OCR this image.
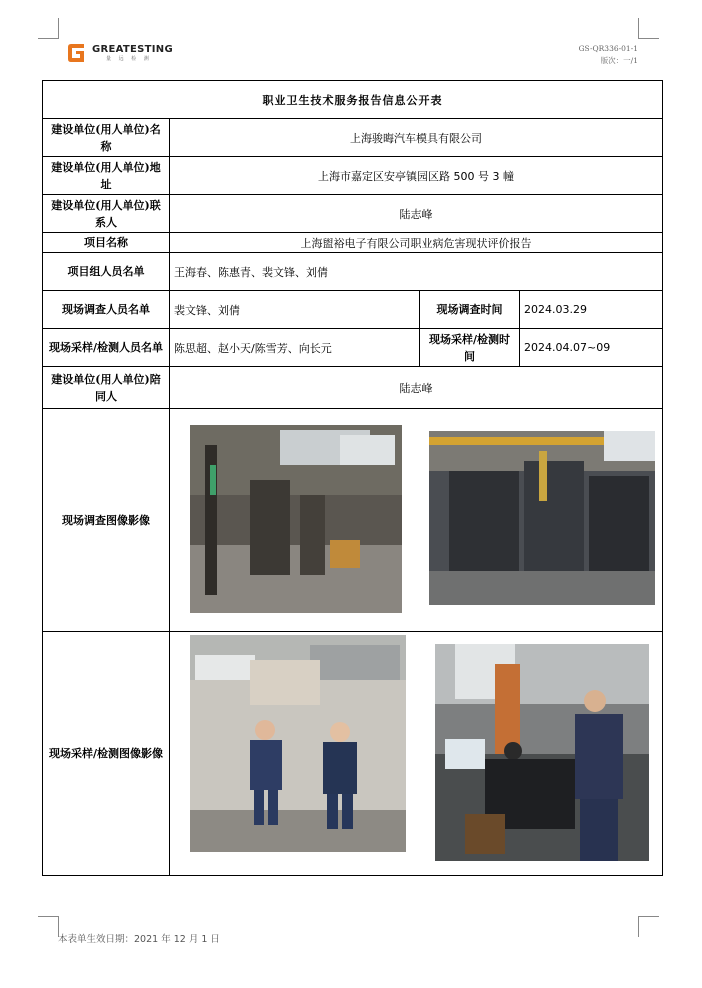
GREATESTING
量 远 检 测
GS-QR336-01-1
版次：一/1
职业卫生技术服务报告信息公开表			
建设单位(用人单位)名称	上海骏晦汽车模具有限公司		
建设单位(用人单位)地址	上海市嘉定区安亭镇园区路 500 号 3 幢		
建设单位(用人单位)联系人	陆志峰		
项目名称	上海盥裕电子有限公司职业病危害现状评价报告		
项目组人员名单	王海春、陈惠青、裴文锋、刘倩		
现场调查人员名单	裴文锋、刘倩	现场调查时间	2024.03.29
现场采样/检测人员名单	陈思超、赵小天/陈雪芳、向长元	现场采样/检测时间	2024.04.07~09
建设单位(用人单位)陪同人	陆志峰		
现场调查图像影像	

现场采样/检测图像影像	
本表单生效日期：2021 年 12 月 1 日
